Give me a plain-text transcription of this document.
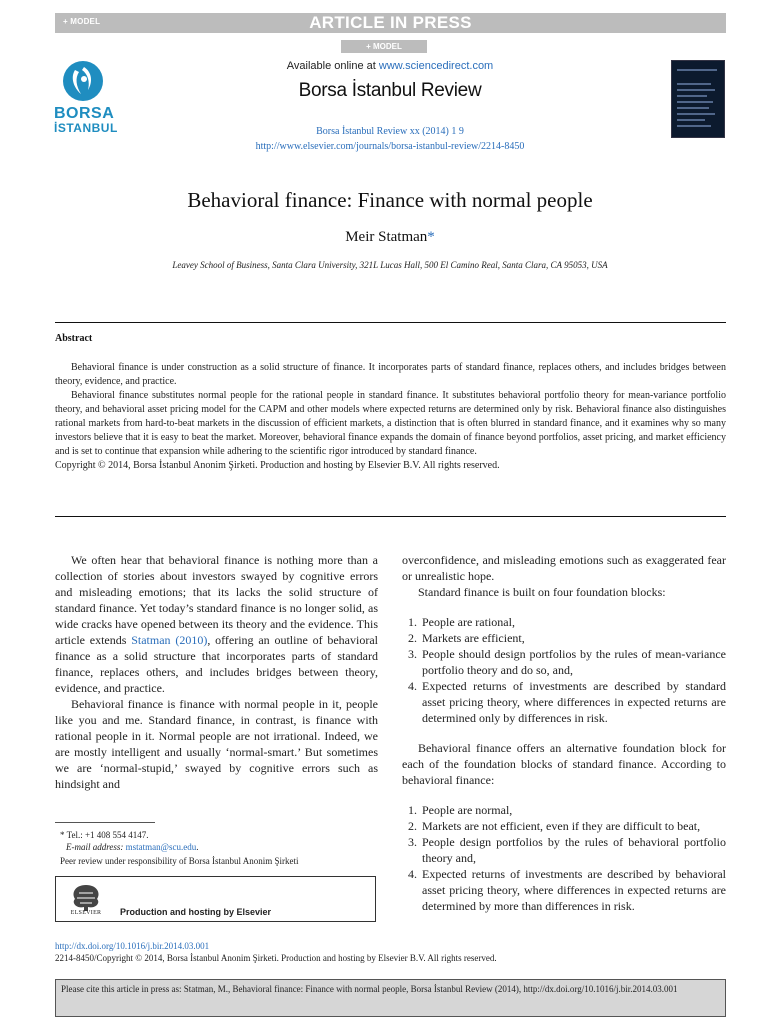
+ MODEL	ARTICLE IN PRESS
+ MODEL
BORSA
İSTANBUL
Available online at www.sciencedirect.com
Borsa İstanbul Review
Borsa İstanbul Review xx (2014) 1 9
http://www.elsevier.com/journals/borsa-istanbul-review/2214-8450
Behavioral finance: Finance with normal people
Meir Statman*
Leavey School of Business, Santa Clara University, 321L Lucas Hall, 500 El Camino Real, Santa Clara, CA 95053, USA
Abstract

Behavioral finance is under construction as a solid structure of finance. It incorporates parts of standard finance, replaces others, and includes bridges between theory, evidence, and practice.

Behavioral finance substitutes normal people for the rational people in standard finance. It substitutes behavioral portfolio theory for mean-variance portfolio theory, and behavioral asset pricing model for the CAPM and other models where expected returns are determined only by risk. Behavioral finance also distinguishes rational markets from hard-to-beat markets in the discussion of efficient markets, a distinction that is often blurred in standard finance, and it examines why so many investors believe that it is easy to beat the market. Moreover, behavioral finance expands the domain of finance beyond portfolios, asset pricing, and market efficiency and is set to continue that expansion while adhering to the scientific rigor introduced by standard finance.

Copyright © 2014, Borsa İstanbul Anonim Şirketi. Production and hosting by Elsevier B.V. All rights reserved.

We often hear that behavioral finance is nothing more than a collection of stories about investors swayed by cognitive errors and misleading emotions; that its lacks the solid structure of standard finance. Yet today’s standard finance is no longer solid, as wide cracks have opened between its theory and the evidence. This article extends Statman (2010), offering an outline of behavioral finance as a solid structure that incorporates parts of standard finance, replaces others, and includes bridges between theory, evidence, and practice.

Behavioral finance is finance with normal people in it, people like you and me. Standard finance, in contrast, is finance with rational people in it. Normal people are not irrational. Indeed, we are mostly intelligent and usually ‘normal-smart.’ But sometimes we are ‘normal-stupid,’ swayed by cognitive errors such as hindsight and

overconfidence, and misleading emotions such as exaggerated fear or unrealistic hope.

Standard finance is built on four foundation blocks:

1. People are rational,
2. Markets are efficient,
3. People should design portfolios by the rules of mean-variance portfolio theory and do so, and,
4. Expected returns of investments are described by standard asset pricing theory, where differences in expected returns are determined only by differences in risk.

Behavioral finance offers an alternative foundation block for each of the foundation blocks of standard finance. According to behavioral finance:

1. People are normal,
2. Markets are not efficient, even if they are difficult to beat,
3. People design portfolios by the rules of behavioral portfolio theory and,
4. Expected returns of investments are described by behavioral asset pricing theory, where differences in expected returns are determined by more than differences in risk.
* Tel.: +1 408 554 4147.
E-mail address: mstatman@scu.edu.
Peer review under responsibility of Borsa İstanbul Anonim Şirketi
ELSEVIER	Production and hosting by Elsevier
http://dx.doi.org/10.1016/j.bir.2014.03.001
2214-8450/Copyright © 2014, Borsa İstanbul Anonim Şirketi. Production and hosting by Elsevier B.V. All rights reserved.
Please cite this article in press as: Statman, M., Behavioral finance: Finance with normal people, Borsa İstanbul Review (2014), http://dx.doi.org/10.1016/j.bir.2014.03.001
